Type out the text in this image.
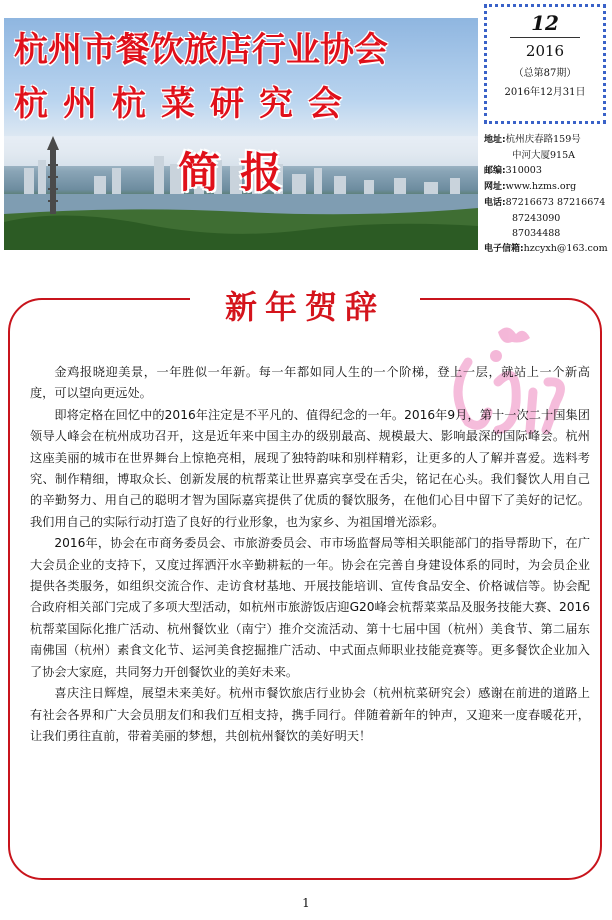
杭州市餐饮旅店行业协会
杭州杭菜研究会
简报
12
2016
（总第87期）
2016年12月31日
地址:杭州庆春路159号
中河大厦915A
邮编:310003
网址:www.hzms.org
电话:87216673 87216674
87243090 87034488
电子信箱:hzcyxh@163.com
新年贺辞

金鸡报晓迎美景，一年胜似一年新。每一年都如同人生的一个阶梯，登上一层，就站上一个新高度，可以望向更远处。

即将定格在回忆中的2016年注定是不平凡的、值得纪念的一年。2016年9月，第十一次二十国集团领导人峰会在杭州成功召开，这是近年来中国主办的级别最高、规模最大、影响最深的国际峰会。杭州这座美丽的城市在世界舞台上惊艳亮相，展现了独特韵味和别样精彩，让更多的人了解并喜爱。选料考究、制作精细，博取众长、创新发展的杭帮菜让世界嘉宾享受在舌尖，铭记在心头。我们餐饮人用自己的辛勤努力、用自己的聪明才智为国际嘉宾提供了优质的餐饮服务，在他们心目中留下了美好的记忆。我们用自己的实际行动打造了良好的行业形象，也为家乡、为祖国增光添彩。

2016年，协会在市商务委员会、市旅游委员会、市市场监督局等相关职能部门的指导帮助下，在广大会员企业的支持下，又度过挥洒汗水辛勤耕耘的一年。协会在完善自身建设体系的同时，为会员企业提供各类服务，如组织交流合作、走访食材基地、开展技能培训、宣传食品安全、价格诚信等。协会配合政府相关部门完成了多项大型活动，如杭州市旅游饭店迎G20峰会杭帮菜菜品及服务技能大赛、2016杭帮菜国际化推广活动、杭州餐饮业（南宁）推介交流活动、第十七届中国（杭州）美食节、第二届东南佛国（杭州）素食文化节、运河美食挖掘推广活动、中式面点师职业技能竞赛等。更多餐饮企业加入了协会大家庭，共同努力开创餐饮业的美好未来。

喜庆注日辉煌，展望未来美好。杭州市餐饮旅店行业协会（杭州杭菜研究会）感谢在前进的道路上有社会各界和广大会员朋友们和我们互相支持，携手同行。伴随着新年的钟声，又迎来一度春暖花开，让我们勇往直前，带着美丽的梦想，共创杭州餐饮的美好明天！

1
